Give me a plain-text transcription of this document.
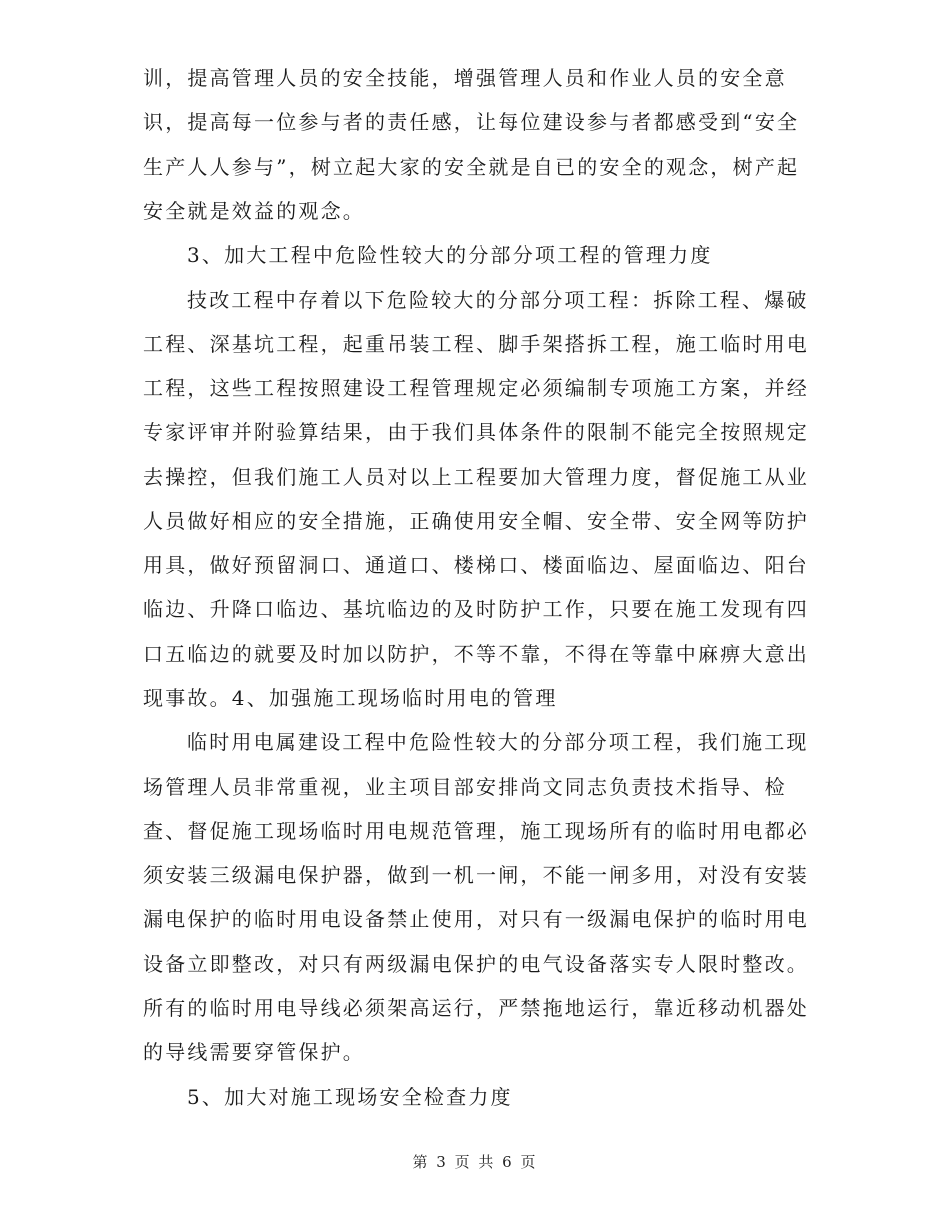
训，提高管理人员的安全技能，增强管理人员和作业人员的安全意
识，提高每一位参与者的责任感，让每位建设参与者都感受到“安全
生产人人参与”，树立起大家的安全就是自已的安全的观念，树产起
安全就是效益的观念。
3、加大工程中危险性较大的分部分项工程的管理力度
技改工程中存着以下危险较大的分部分项工程：拆除工程、爆破
工程、深基坑工程，起重吊装工程、脚手架搭拆工程，施工临时用电
工程，这些工程按照建设工程管理规定必须编制专项施工方案，并经
专家评审并附验算结果，由于我们具体条件的限制不能完全按照规定
去操控，但我们施工人员对以上工程要加大管理力度，督促施工从业
人员做好相应的安全措施，正确使用安全帽、安全带、安全网等防护
用具，做好预留洞口、通道口、楼梯口、楼面临边、屋面临边、阳台
临边、升降口临边、基坑临边的及时防护工作，只要在施工发现有四
口五临边的就要及时加以防护，不等不靠，不得在等靠中麻痹大意出
现事故。4、加强施工现场临时用电的管理
临时用电属建设工程中危险性较大的分部分项工程，我们施工现
场管理人员非常重视，业主项目部安排尚文同志负责技术指导、检
查、督促施工现场临时用电规范管理，施工现场所有的临时用电都必
须安装三级漏电保护器，做到一机一闸，不能一闸多用，对没有安装
漏电保护的临时用电设备禁止使用，对只有一级漏电保护的临时用电
设备立即整改，对只有两级漏电保护的电气设备落实专人限时整改。
所有的临时用电导线必须架高运行，严禁拖地运行，靠近移动机器处
的导线需要穿管保护。
5、加大对施工现场安全检查力度
第 3 页 共 6 页
